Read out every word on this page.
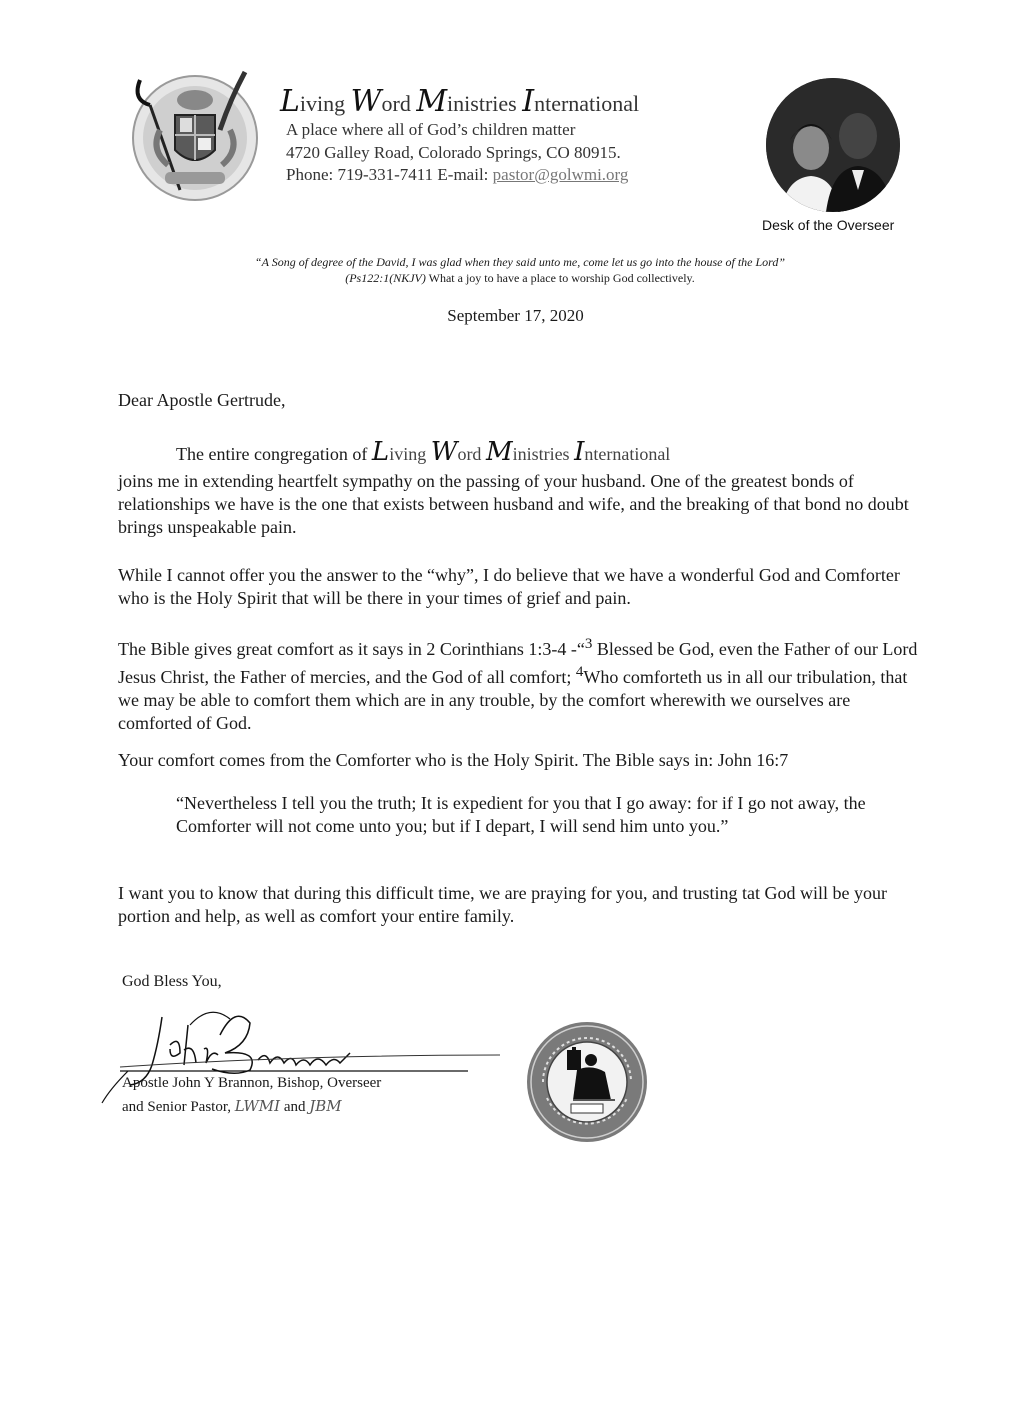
Living Word Ministries International
A place where all of God’s children matter
4720 Galley Road, Colorado Springs, CO 80915.
Phone: 719-331-7411 E-mail: pastor@golwmi.org
Desk of the Overseer
“A Song of degree of the David, I was glad when they said unto me, come let us go into the house of the Lord”
(Ps122:1(NKJV) What a joy to have a place to worship God collectively.
September 17, 2020
Dear Apostle Gertrude,
The entire congregation of Living Word Ministries International
joins me in extending heartfelt sympathy on the passing of your husband. One of the greatest bonds of relationships we have is the one that exists between husband and wife, and the breaking of that bond no doubt brings unspeakable pain.
While I cannot offer you the answer to the “why”, I do believe that we have a wonderful God and Comforter who is the Holy Spirit that will be there in your times of grief and pain.
The Bible gives great comfort as it says in 2 Corinthians 1:3-4 -“$^3$ Blessed be God, even the Father of our Lord Jesus Christ, the Father of mercies, and the God of all comfort; $^4$Who comforteth us in all our tribulation, that we may be able to comfort them which are in any trouble, by the comfort wherewith we ourselves are comforted of God.
Your comfort comes from the Comforter who is the Holy Spirit. The Bible says in: John 16:7
“Nevertheless I tell you the truth; It is expedient for you that I go away: for if I go not away, the Comforter will not come unto you; but if I depart, I will send him unto you.”
I want you to know that during this difficult time, we are praying for you, and trusting tat God will be your portion and help, as well as comfort your entire family.
God Bless You,
Apostle John Y Brannon, Bishop, Overseer
and Senior Pastor, LWMI and JBM
